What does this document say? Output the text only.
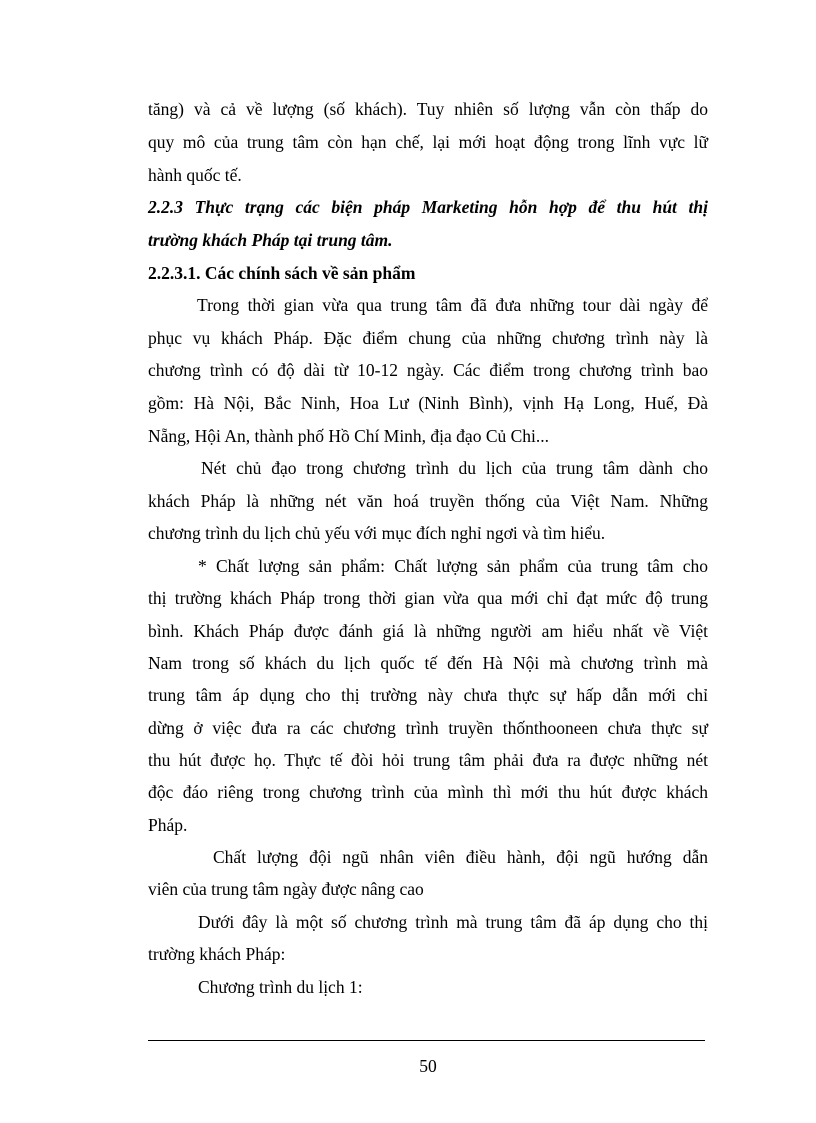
tăng) và cả về lượng (số khách). Tuy nhiên số lượng vẫn còn thấp do
quy mô của trung tâm còn hạn chế, lại mới hoạt động trong lĩnh vực lữ
hành quốc tế.
2.2.3 Thực trạng các biện pháp Marketing hỗn hợp để thu hút thị
trường khách Pháp tại trung tâm.
2.2.3.1. Các chính sách về sản phẩm
Trong thời gian vừa qua trung tâm đã đưa những tour dài ngày để
phục vụ khách Pháp. Đặc điểm chung của những chương trình này là
chương trình có độ dài từ 10-12 ngày. Các điểm trong chương trình bao
gồm: Hà Nội, Bắc Ninh, Hoa Lư (Ninh Bình), vịnh Hạ Long, Huế, Đà
Nẵng, Hội An, thành phố Hồ Chí Minh, địa đạo Củ Chi...
Nét chủ đạo trong chương trình du lịch của trung tâm dành cho
khách Pháp là những nét văn hoá truyền thống của Việt Nam. Những
chương trình du lịch chủ yếu với mục đích nghỉ ngơi và tìm hiểu.
* Chất lượng sản phẩm: Chất lượng sản phẩm của trung tâm cho
thị trường khách Pháp trong thời gian vừa qua mới chỉ đạt mức độ trung
bình. Khách Pháp được đánh giá là những người am hiểu nhất về Việt
Nam trong số khách du lịch quốc tế đến Hà Nội mà chương trình mà
trung tâm áp dụng cho thị trường này chưa thực sự hấp dẫn mới chỉ
dừng ở việc đưa ra các chương trình truyền thốnthooneen chưa thực sự
thu hút được họ. Thực tế đòi hỏi trung tâm phải đưa ra được những nét
độc đáo riêng trong chương trình của mình thì mới thu hút được khách
Pháp.
Chất lượng đội ngũ nhân viên điều hành, đội ngũ hướng dẫn
viên của trung tâm ngày được nâng cao
Dưới đây là một số chương trình mà trung tâm đã áp dụng cho thị
trường khách Pháp:
Chương trình du lịch 1:
50
